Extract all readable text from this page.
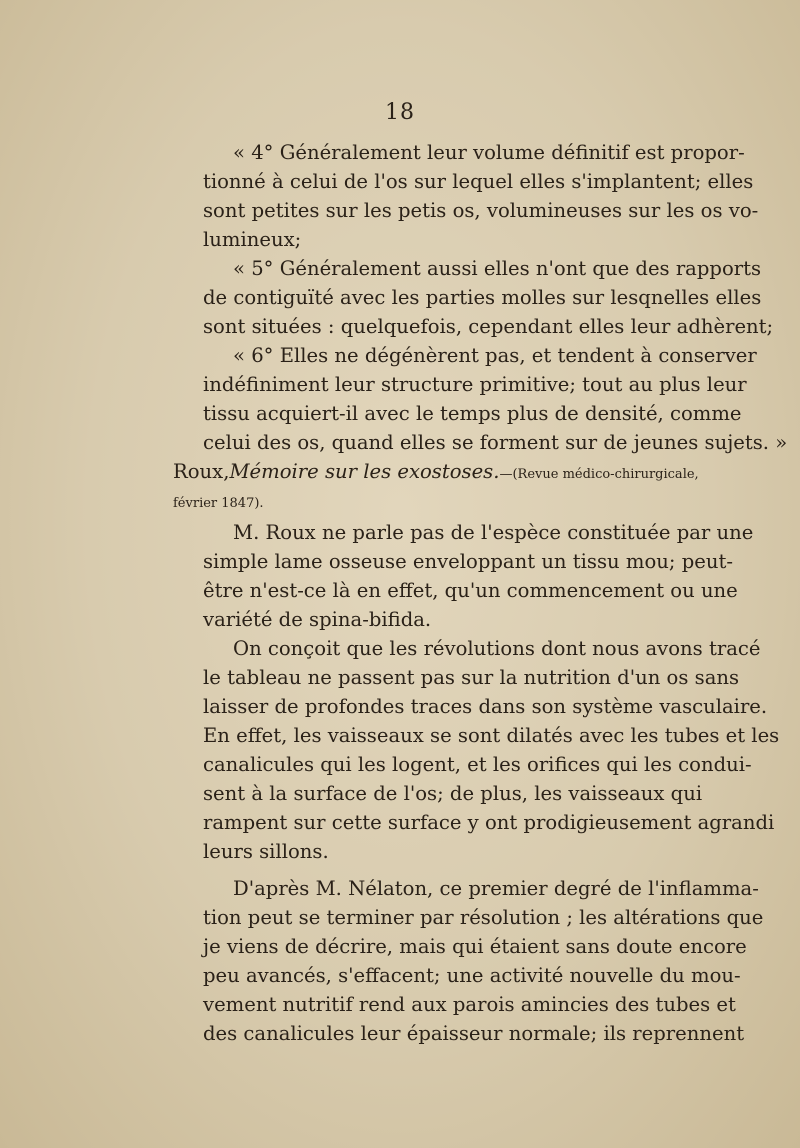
18
« 4° Généralement leur volume définitif est propor-
tionné à celui de l'os sur lequel elles s'implantent; elles
sont petites sur les petis os, volumineuses sur les os vo-
lumineux;
« 5° Généralement aussi elles n'ont que des rapports
de contiguïté avec les parties molles sur lesqnelles elles
sont situées : quelquefois, cependant elles leur adhèrent;
« 6° Elles ne dégénèrent pas, et tendent à conserver
indéfiniment leur structure primitive; tout au plus leur
tissu acquiert-il avec le temps plus de densité, comme
celui des os, quand elles se forment sur de jeunes sujets. »
Roux,Mémoire sur les exostoses.—(Revue médico-chirurgicale,
février 1847).
M. Roux ne parle pas de l'espèce constituée par une
simple lame osseuse enveloppant un tissu mou; peut-
être n'est-ce là en effet, qu'un commencement ou une
variété de spina-bifida.
On conçoit que les révolutions dont nous avons tracé
le tableau ne passent pas sur la nutrition d'un os sans
laisser de profondes traces dans son système vasculaire.
En effet, les vaisseaux se sont dilatés avec les tubes et les
canalicules qui les logent, et les orifices qui les condui-
sent à la surface de l'os; de plus, les vaisseaux qui
rampent sur cette surface y ont prodigieusement agrandi
leurs sillons.
D'après M. Nélaton, ce premier degré de l'inflamma-
tion peut se terminer par résolution ; les altérations que
je viens de décrire, mais qui étaient sans doute encore
peu avancés, s'effacent; une activité nouvelle du mou-
vement nutritif rend aux parois amincies des tubes et
des canalicules leur épaisseur normale; ils reprennent
